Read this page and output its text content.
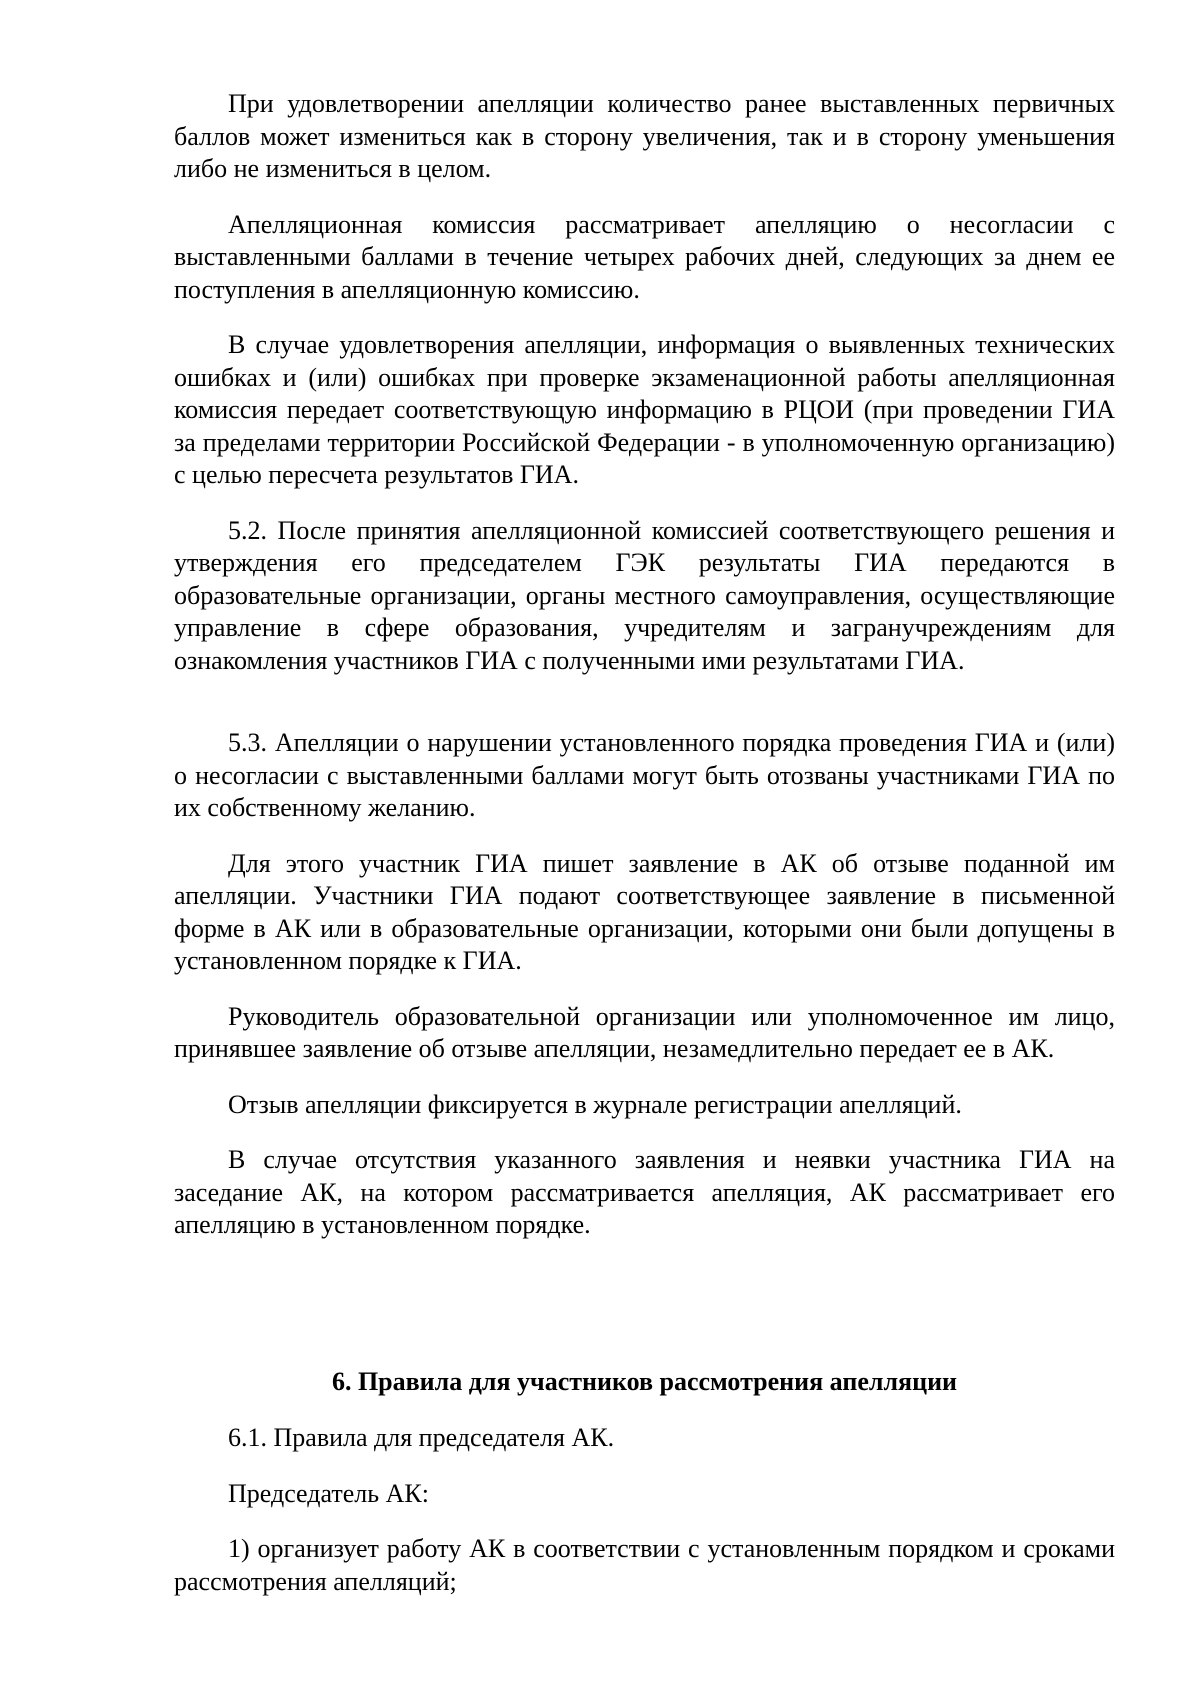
При удовлетворении апелляции количество ранее выставленных первичных баллов может измениться как в сторону увеличения, так и в сторону уменьшения либо не измениться в целом.

Апелляционная комиссия рассматривает апелляцию о несогласии с выставленными баллами в течение четырех рабочих дней, следующих за днем ее поступления в апелляционную комиссию.

В случае удовлетворения апелляции, информация о выявленных технических ошибках и (или) ошибках при проверке экзаменационной работы апелляционная комиссия передает соответствующую информацию в РЦОИ (при проведении ГИА за пределами территории Российской Федерации - в уполномоченную организацию) с целью пересчета результатов ГИА.

5.2. После принятия апелляционной комиссией соответствующего решения и утверждения его председателем ГЭК результаты ГИА передаются в образовательные организации, органы местного самоуправления, осуществляющие управление в сфере образования, учредителям и загранучреждениям для ознакомления участников ГИА с полученными ими результатами ГИА.

5.3. Апелляции о нарушении установленного порядка проведения ГИА и (или) о несогласии с выставленными баллами могут быть отозваны участниками ГИА по их собственному желанию.

Для этого участник ГИА пишет заявление в АК об отзыве поданной им апелляции. Участники ГИА подают соответствующее заявление в письменной форме в АК или в образовательные организации, которыми они были допущены в установленном порядке к ГИА.

Руководитель образовательной организации или уполномоченное им лицо, принявшее заявление об отзыве апелляции, незамедлительно передает ее в АК.

Отзыв апелляции фиксируется в журнале регистрации апелляций.

В случае отсутствия указанного заявления и неявки участника ГИА на заседание АК, на котором рассматривается апелляция, АК рассматривает его апелляцию в установленном порядке.

6. Правила для участников рассмотрения апелляции

6.1. Правила для председателя АК.

Председатель АК:

1) организует работу АК в соответствии с установленным порядком и сроками рассмотрения апелляций;
